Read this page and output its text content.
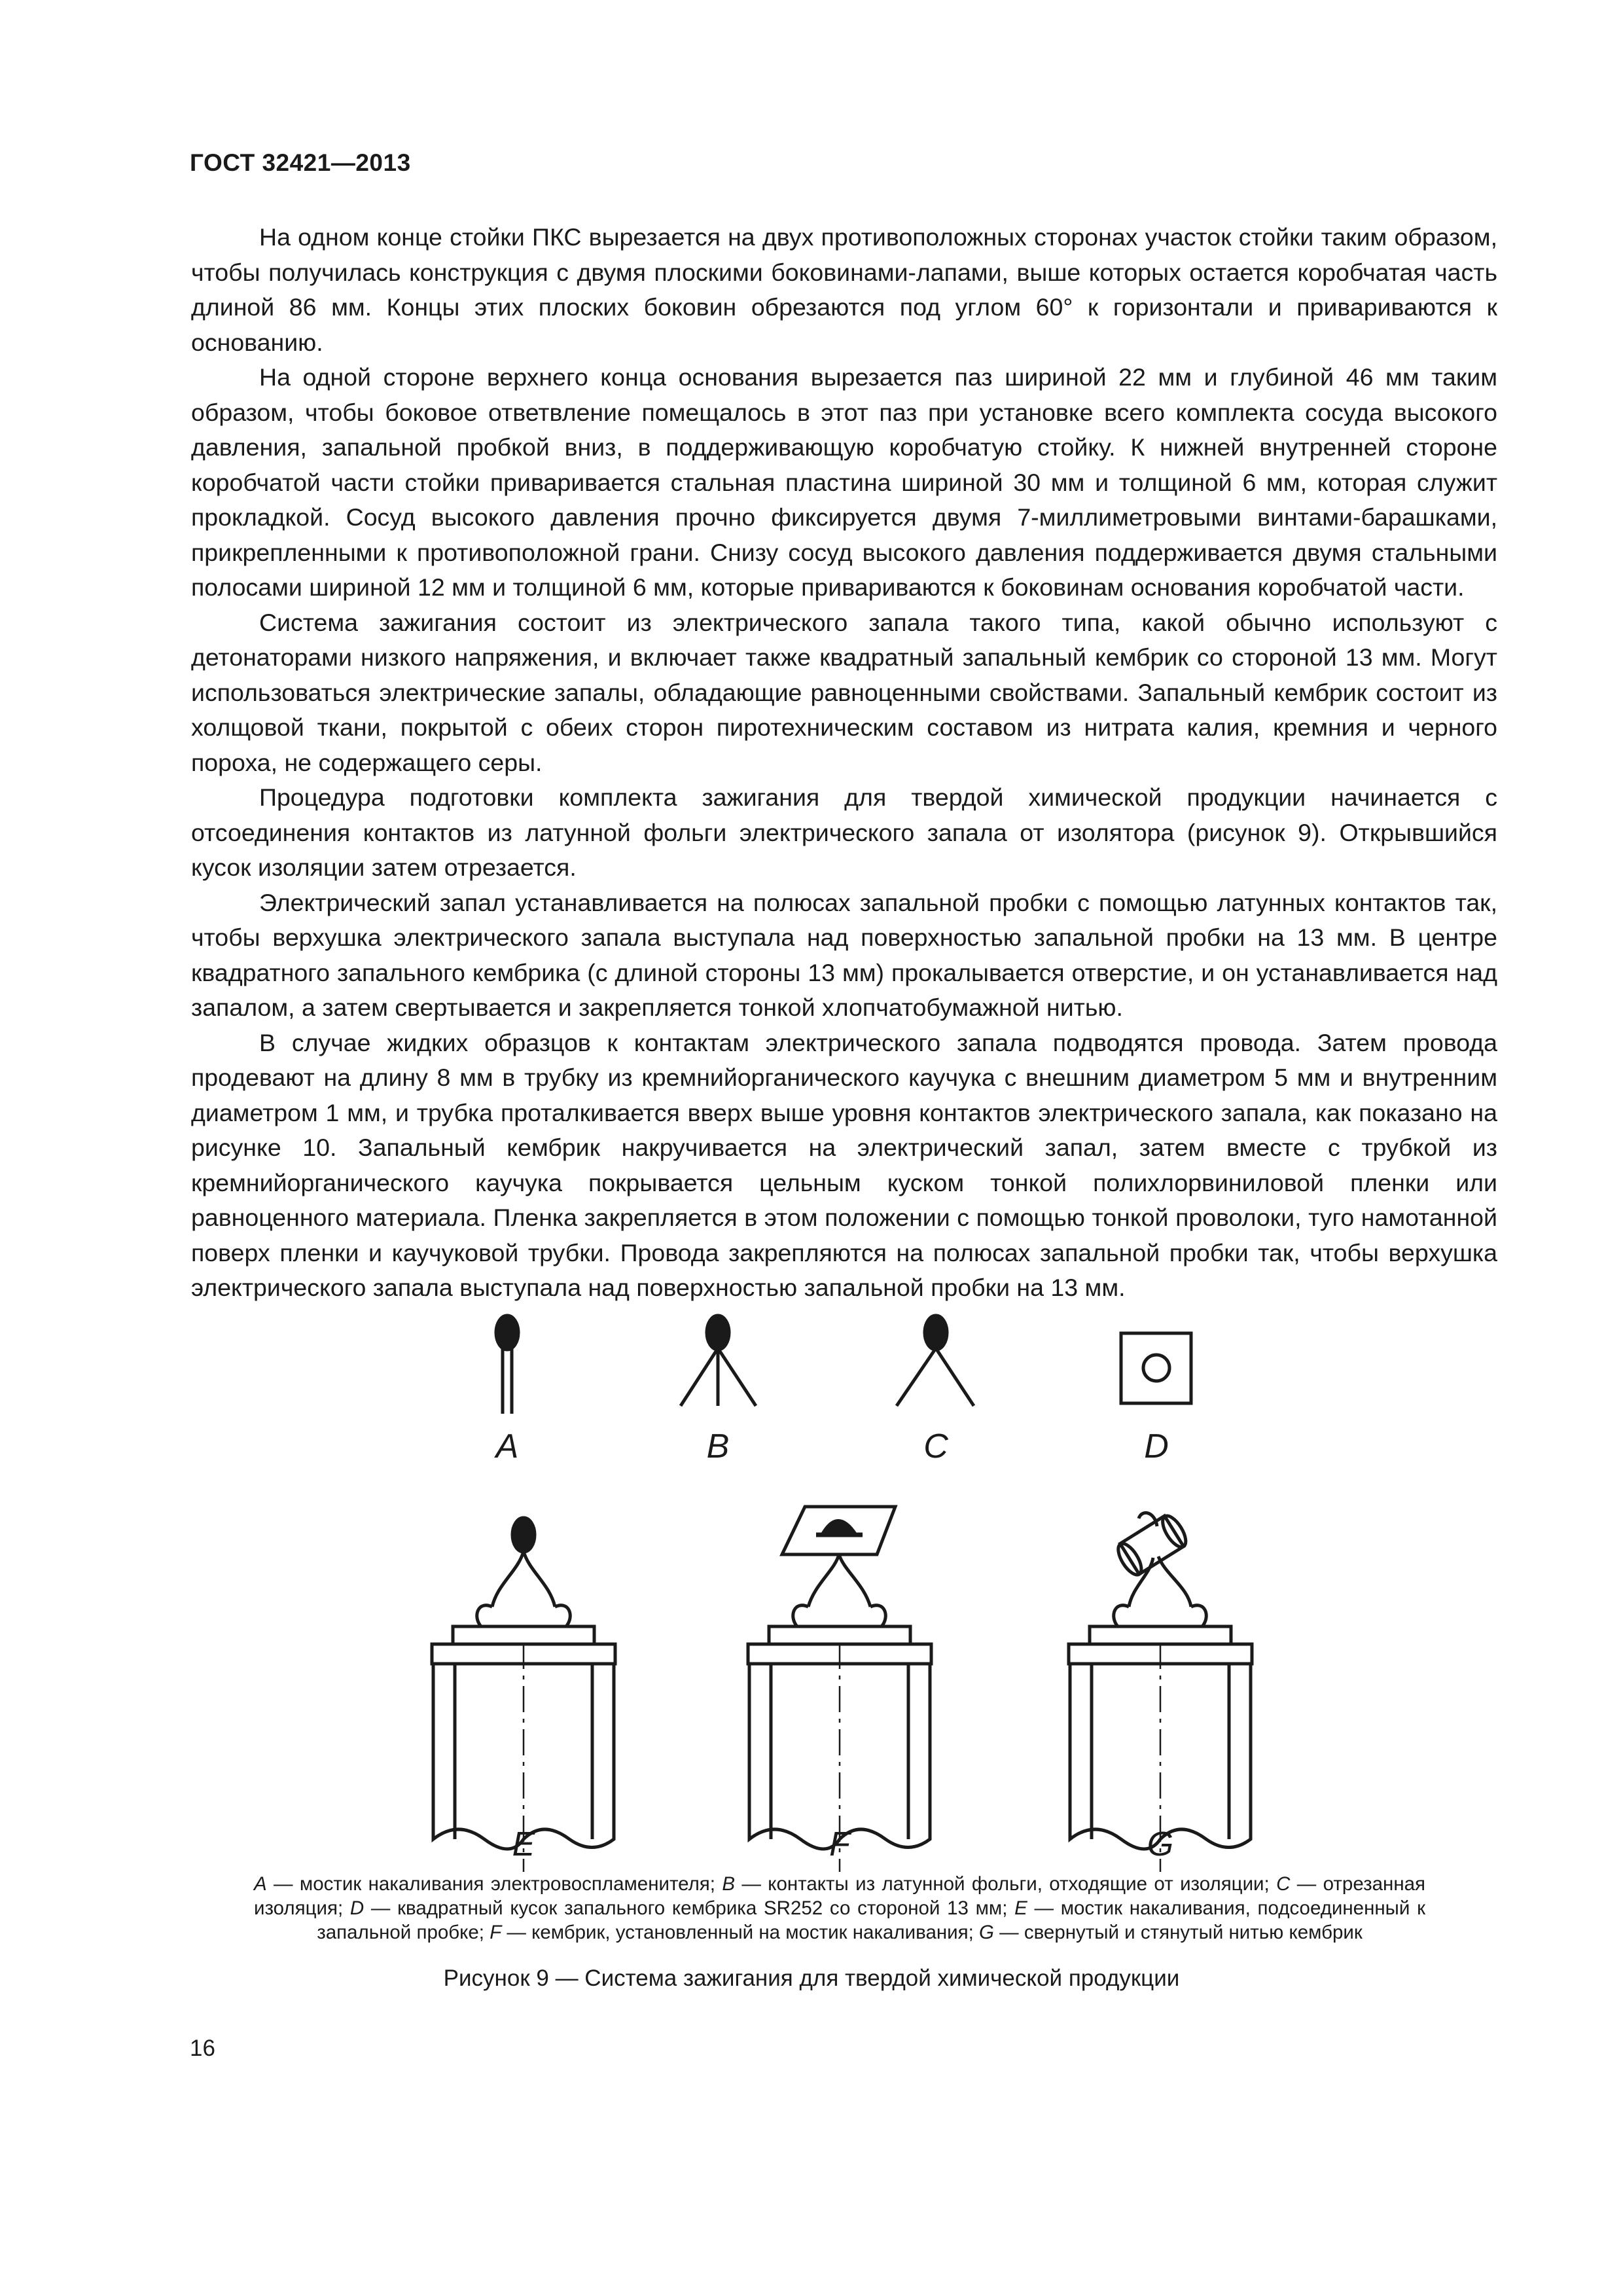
ГОСТ 32421—2013

На одном конце стойки ПКС вырезается на двух противоположных сторонах участок стойки таким образом, чтобы получилась конструкция с двумя плоскими боковинами-лапами, выше которых остается коробчатая часть длиной 86 мм. Концы этих плоских боковин обрезаются под углом 60° к горизонтали и привариваются к основанию.

На одной стороне верхнего конца основания вырезается паз шириной 22 мм и глубиной 46 мм таким образом, чтобы боковое ответвление помещалось в этот паз при установке всего комплекта сосуда высокого давления, запальной пробкой вниз, в поддерживающую коробчатую стойку. К нижней внутренней стороне коробчатой части стойки приваривается стальная пластина шириной 30 мм и толщиной 6 мм, которая служит прокладкой. Сосуд высокого давления прочно фиксируется двумя 7-миллиметровыми винтами-барашками, прикрепленными к противоположной грани. Снизу сосуд высокого давления поддерживается двумя стальными полосами шириной 12 мм и толщиной 6 мм, которые привариваются к боковинам основания коробчатой части.

Система зажигания состоит из электрического запала такого типа, какой обычно используют с детонаторами низкого напряжения, и включает также квадратный запальный кембрик со стороной 13 мм. Могут использоваться электрические запалы, обладающие равноценными свойствами. Запальный кембрик состоит из холщовой ткани, покрытой с обеих сторон пиротехническим составом из нитрата калия, кремния и черного пороха, не содержащего серы.

Процедура подготовки комплекта зажигания для твердой химической продукции начинается с отсоединения контактов из латунной фольги электрического запала от изолятора (рисунок 9). Открывшийся кусок изоляции затем отрезается.

Электрический запал устанавливается на полюсах запальной пробки с помощью латунных контактов так, чтобы верхушка электрического запала выступала над поверхностью запальной пробки на 13 мм. В центре квадратного запального кембрика (с длиной стороны 13 мм) прокалывается отверстие, и он устанавливается над запалом, а затем свертывается и закрепляется тонкой хлопчатобумажной нитью.

В случае жидких образцов к контактам электрического запала подводятся провода. Затем провода продевают на длину 8 мм в трубку из кремнийорганического каучука с внешним диаметром 5 мм и внутренним диаметром 1 мм, и трубка проталкивается вверх выше уровня контактов электрического запала, как показано на рисунке 10. Запальный кембрик накручивается на электрический запал, затем вместе с трубкой из кремнийорганического каучука покрывается цельным куском тонкой полихлорвиниловой пленки или равноценного материала. Пленка закрепляется в этом положении с помощью тонкой проволоки, туго намотанной поверх пленки и каучуковой трубки. Провода закрепляются на полюсах запальной пробки так, чтобы верхушка электрического запала выступала над поверхностью запальной пробки на 13 мм.

A	B	C	D
E	F	G
A — мостик накаливания электровоспламенителя; B — контакты из латунной фольги, отходящие от изоляции; C — отрезанная изоляция; D — квадратный кусок запального кембрика SR252 со стороной 13 мм; E — мостик накаливания, подсоединенный к запальной пробке; F — кембрик, установленный на мостик накаливания; G — свернутый и стянутый нитью кембрик
Рисунок 9 — Система зажигания для твердой химической продукции
16
